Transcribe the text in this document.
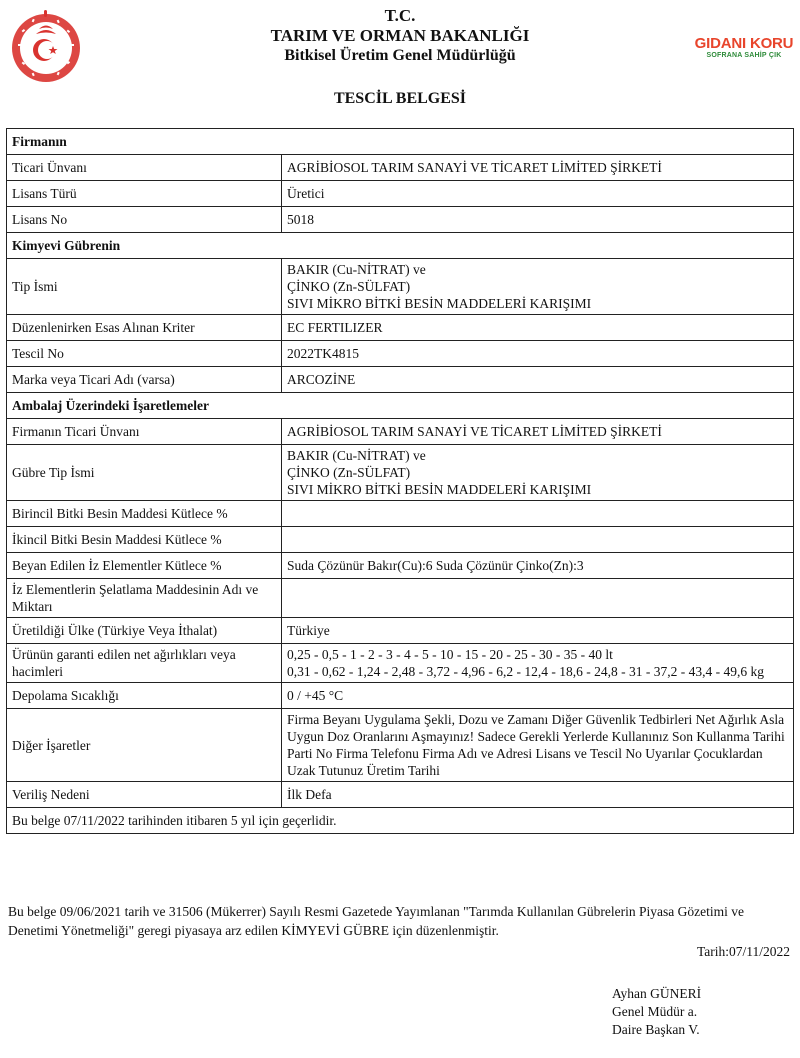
GIDANI KORU
SOFRANA SAHİP ÇIK
T.C.
TARIM VE ORMAN BAKANLIĞI
Bitkisel Üretim Genel Müdürlüğü
TESCİL BELGESİ
Firmanın	
Ticari Ünvanı	AGRİBİOSOL TARIM SANAYİ VE TİCARET LİMİTED ŞİRKETİ
Lisans Türü	Üretici
Lisans No	5018
Kimyevi Gübrenin	
Tip İsmi	BAKIR (Cu-NİTRAT) ve
ÇİNKO (Zn-SÜLFAT)
SIVI MİKRO BİTKİ BESİN MADDELERİ KARIŞIMI

Düzenlenirken Esas Alınan Kriter	EC FERTILIZER
Tescil No	2022TK4815
Marka veya Ticari Adı (varsa)	ARCOZİNE
Ambalaj Üzerindeki İşaretlemeler	
Firmanın Ticari Ünvanı	AGRİBİOSOL TARIM SANAYİ VE TİCARET LİMİTED ŞİRKETİ
Gübre Tip İsmi	BAKIR (Cu-NİTRAT) ve
ÇİNKO (Zn-SÜLFAT)
SIVI MİKRO BİTKİ BESİN MADDELERİ KARIŞIMI

Birincil Bitki Besin Maddesi Kütlece %	
İkincil Bitki Besin Maddesi Kütlece %	
Beyan Edilen İz Elementler Kütlece %	Suda Çözünür Bakır(Cu):6 Suda Çözünür Çinko(Zn):3
İz Elementlerin Şelatlama Maddesinin Adı ve Miktarı	
Üretildiği Ülke (Türkiye Veya İthalat)	Türkiye
Ürünün garanti edilen net ağırlıkları veya hacimleri	0,25 - 0,5 - 1 - 2 - 3 - 4 - 5 - 10 - 15 - 20 - 25 - 30 - 35 - 40 lt
0,31 - 0,62 - 1,24 - 2,48 - 3,72 - 4,96 - 6,2 - 12,4 - 18,6 - 24,8 - 31 - 37,2 - 43,4 - 49,6 kg

Depolama Sıcaklığı	0 / +45 °C
Diğer İşaretler	Firma Beyanı Uygulama Şekli, Dozu ve Zamanı Diğer Güvenlik Tedbirleri Net Ağırlık Asla Uygun Doz Oranlarını Aşmayınız! Sadece Gerekli Yerlerde Kullanınız Son Kullanma Tarihi Parti No Firma Telefonu Firma Adı ve Adresi Lisans ve Tescil No Uyarılar Çocuklardan Uzak Tutunuz Üretim Tarihi
Veriliş Nedeni	İlk Defa
Bu belge 07/11/2022 tarihinden itibaren 5 yıl için geçerlidir.	
Bu belge 09/06/2021 tarih ve 31506 (Mükerrer) Sayılı Resmi Gazetede Yayımlanan "Tarımda Kullanılan Gübrelerin Piyasa Gözetimi ve Denetimi Yönetmeliği" geregi piyasaya arz edilen KİMYEVİ GÜBRE için düzenlenmiştir.
Tarih:07/11/2022
Ayhan GÜNERİ
Genel Müdür a.
Daire Başkan V.
